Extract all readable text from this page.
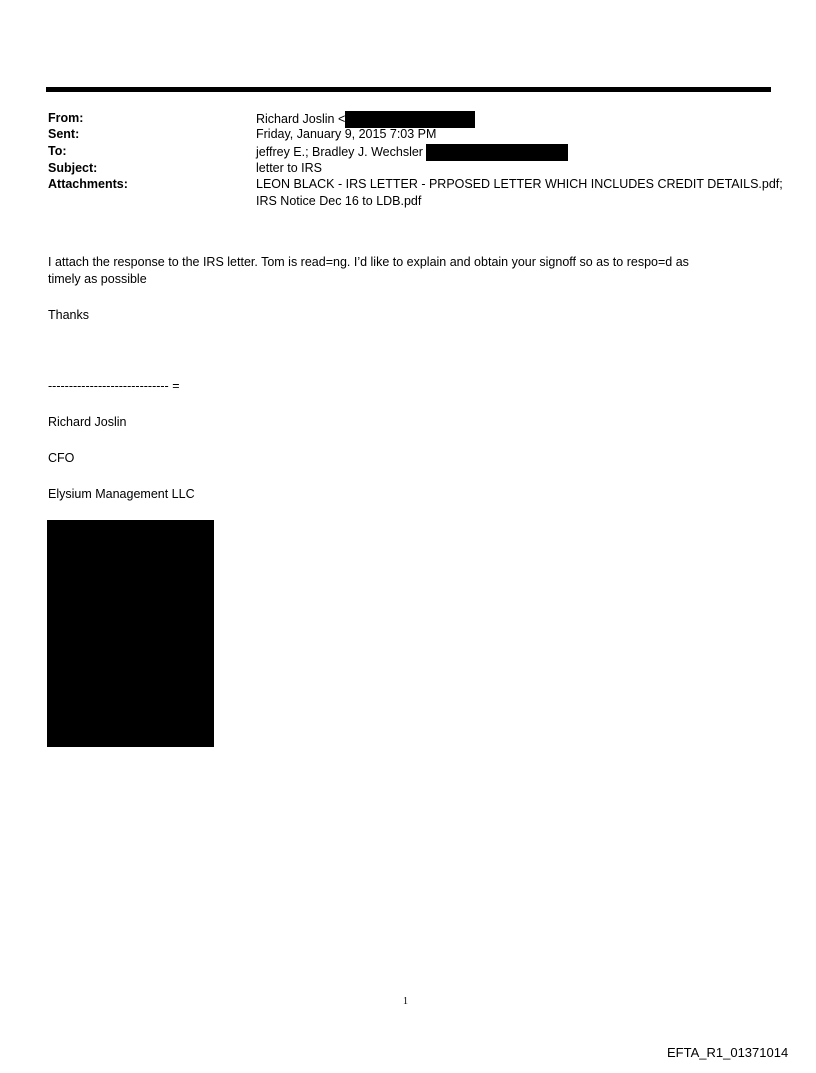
From:
Sent:
To:
Subject:
Attachments:
Richard Joslin <
Friday, January 9, 2015 7:03 PM
jeffrey E.; Bradley J. Wechsler
letter to IRS
LEON BLACK - IRS LETTER - PRPOSED LETTER WHICH INCLUDES CREDIT DETAILS.pdf;
IRS Notice Dec 16 to LDB.pdf
I attach the response to the IRS letter. Tom is read=ng. I’d like to explain and obtain your signoff so as to respo=d as
timely as possible
Thanks
----------------------------- =
Richard Joslin
CFO
Elysium Management LLC
1
EFTA_R1_01371014
